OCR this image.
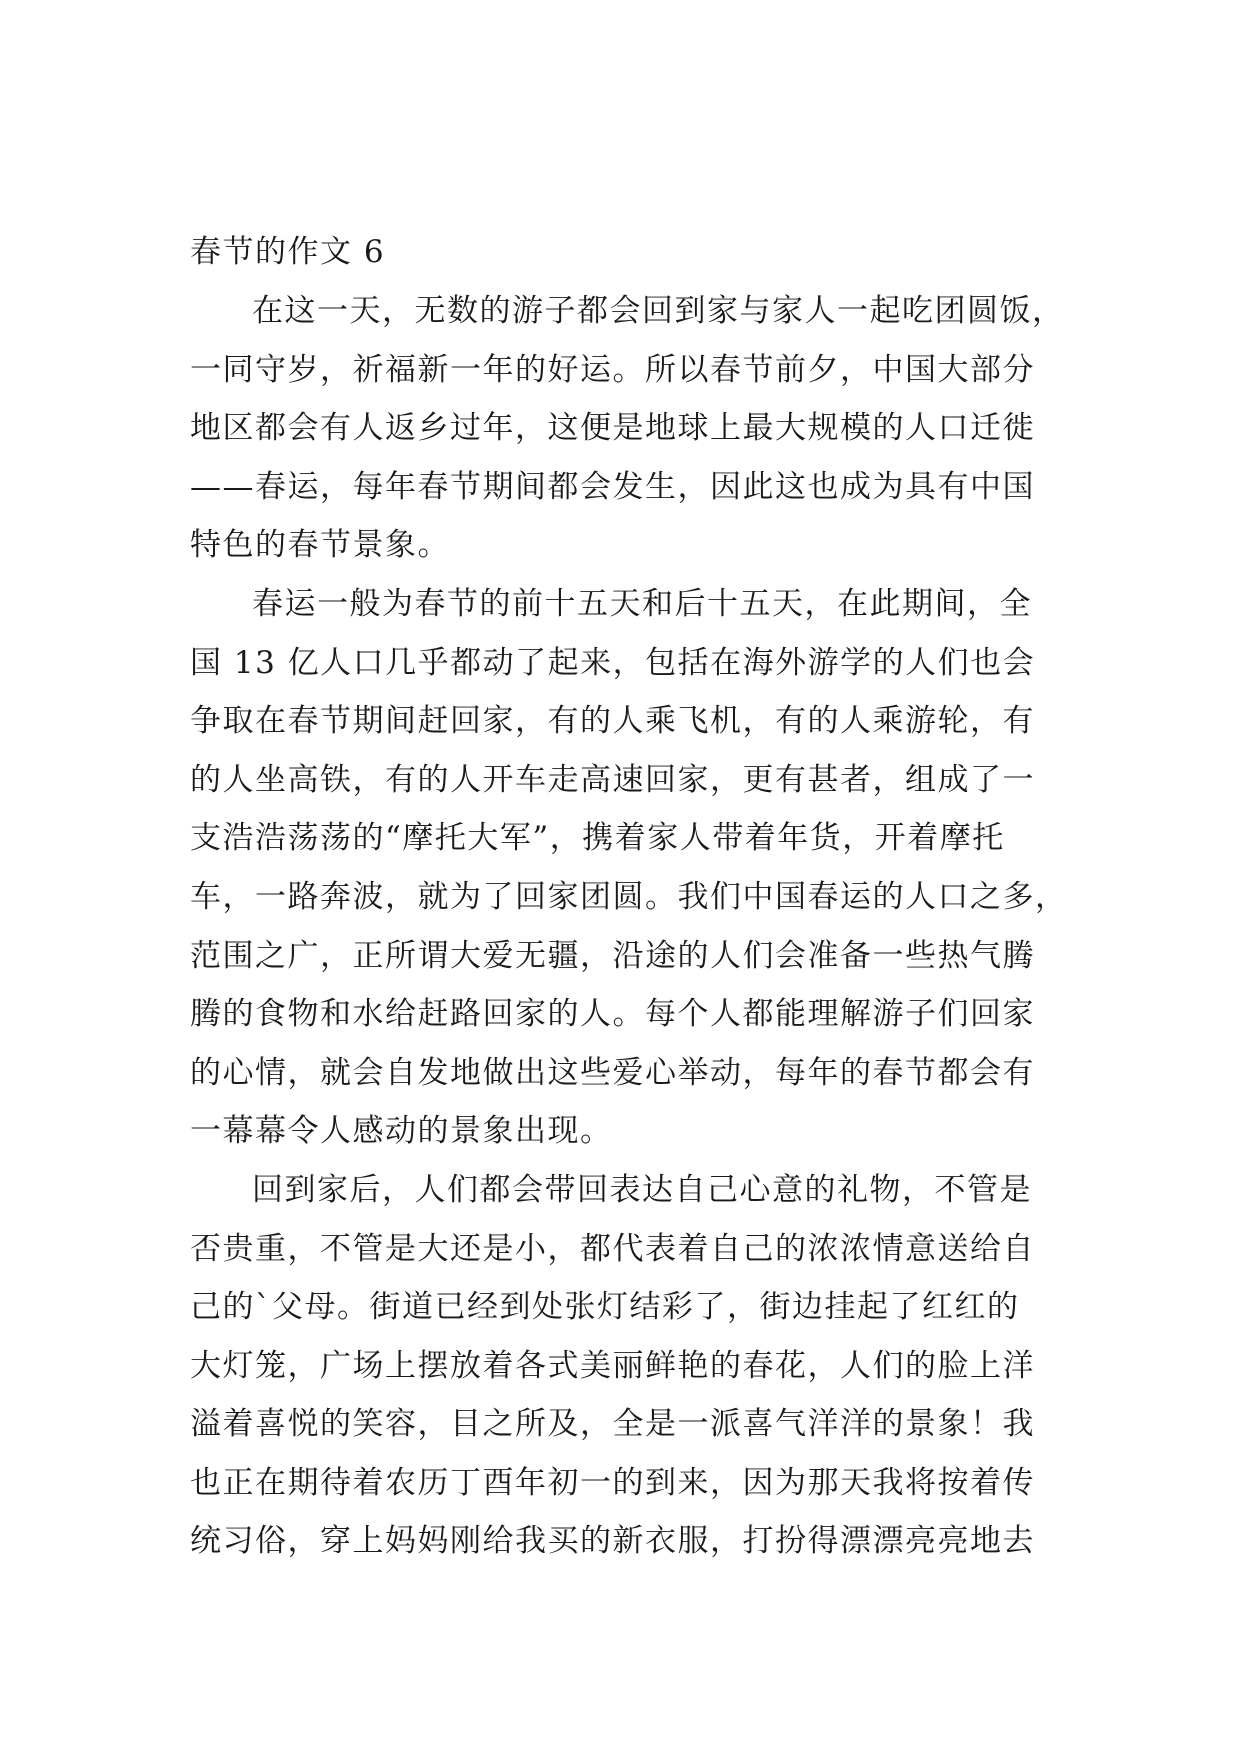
春节的作文 6
在这一天，无数的游子都会回到家与家人一起吃团圆饭，
一同守岁，祈福新一年的好运。所以春节前夕，中国大部分
地区都会有人返乡过年，这便是地球上最大规模的人口迁徙
——春运，每年春节期间都会发生，因此这也成为具有中国
特色的春节景象。
春运一般为春节的前十五天和后十五天，在此期间，全
国 13 亿人口几乎都动了起来，包括在海外游学的人们也会
争取在春节期间赶回家，有的人乘飞机，有的人乘游轮，有
的人坐高铁，有的人开车走高速回家，更有甚者，组成了一
支浩浩荡荡的“摩托大军”，携着家人带着年货，开着摩托
车，一路奔波，就为了回家团圆。我们中国春运的人口之多，
范围之广，正所谓大爱无疆，沿途的人们会准备一些热气腾
腾的食物和水给赶路回家的人。每个人都能理解游子们回家
的心情，就会自发地做出这些爱心举动，每年的春节都会有
一幕幕令人感动的景象出现。
回到家后，人们都会带回表达自己心意的礼物，不管是
否贵重，不管是大还是小，都代表着自己的浓浓情意送给自
己的`父母。街道已经到处张灯结彩了，街边挂起了红红的
大灯笼，广场上摆放着各式美丽鲜艳的春花，人们的脸上洋
溢着喜悦的笑容，目之所及，全是一派喜气洋洋的景象！我
也正在期待着农历丁酉年初一的到来，因为那天我将按着传
统习俗，穿上妈妈刚给我买的新衣服，打扮得漂漂亮亮地去
